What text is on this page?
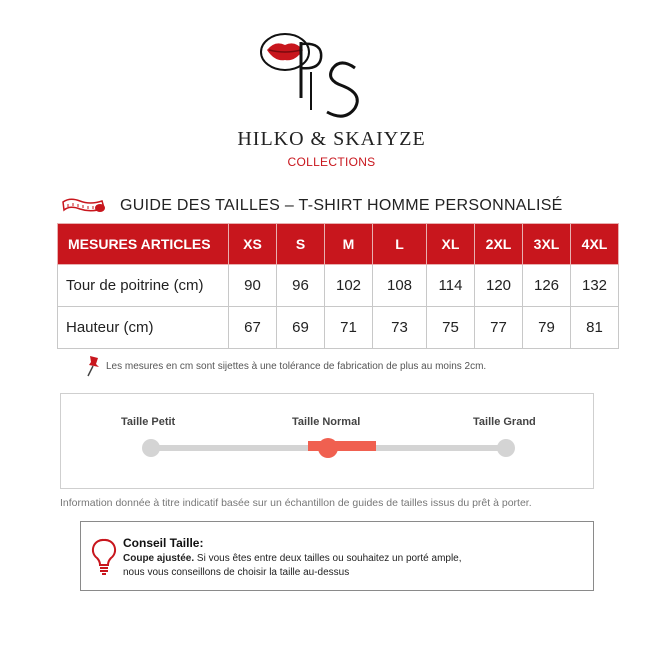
HILKO & SKAIYZE
COLLECTIONS
GUIDE DES TAILLES – T-SHIRT HOMME PERSONNALISÉ
MESURES ARTICLES	XS	S	M	L	XL	2XL	3XL	4XL
Tour de poitrine (cm)	90	96	102	108	114	120	126	132
Hauteur (cm)	67	69	71	73	75	77	79	81
Les mesures en cm sont sijettes à une tolérance de fabrication de plus au moins 2cm.
Taille Petit	Taille Normal	Taille Grand
Information donnée à titre indicatif basée sur un échantillon de guides de tailles issus du prêt à porter.
Conseil Taille:
Coupe ajustée. Si vous êtes entre deux tailles ou souhaitez un porté ample,
nous vous conseillons de choisir la taille au-dessus
